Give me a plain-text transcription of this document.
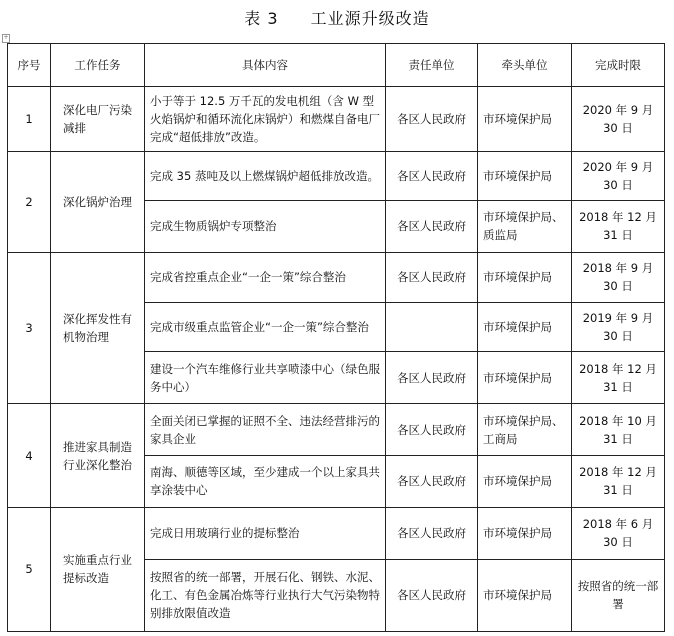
表 3 工业源升级改造
+
序号	工作任务	具体内容	责任单位	牵头单位	完成时限
1	深化电厂污染减排	小于等于 12.5 万千瓦的发电机组（含 W 型火焰锅炉和循环流化床锅炉）和燃煤自备电厂完成“超低排放”改造。	各区人民政府	市环境保护局	2020 年 9 月 30 日
2	深化锅炉治理	完成 35 蒸吨及以上燃煤锅炉超低排放改造。	各区人民政府	市环境保护局	2020 年 9 月 30 日
		完成生物质锅炉专项整治	各区人民政府	市环境保护局、质监局	2018 年 12 月 31 日
3	深化挥发性有机物治理	完成省控重点企业“一企一策”综合整治	各区人民政府	市环境保护局	2018 年 9 月 30 日
		完成市级重点监管企业“一企一策”综合整治		市环境保护局	2019 年 9 月 30 日
		建设一个汽车维修行业共享喷漆中心（绿色服务中心）	各区人民政府	市环境保护局	2018 年 12 月 31 日
4	推进家具制造行业深化整治	全面关闭已掌握的证照不全、违法经营排污的家具企业	各区人民政府	市环境保护局、工商局	2018 年 10 月 31 日
		南海、顺德等区域，至少建成一个以上家具共享涂装中心	各区人民政府	市环境保护局	2018 年 12 月 31 日
5	实施重点行业提标改造	完成日用玻璃行业的提标整治	各区人民政府	市环境保护局	2018 年 6 月 30 日
		按照省的统一部署，开展石化、钢铁、水泥、化工、有色金属冶炼等行业执行大气污染物特别排放限值改造	各区人民政府	市环境保护局	按照省的统一部署
